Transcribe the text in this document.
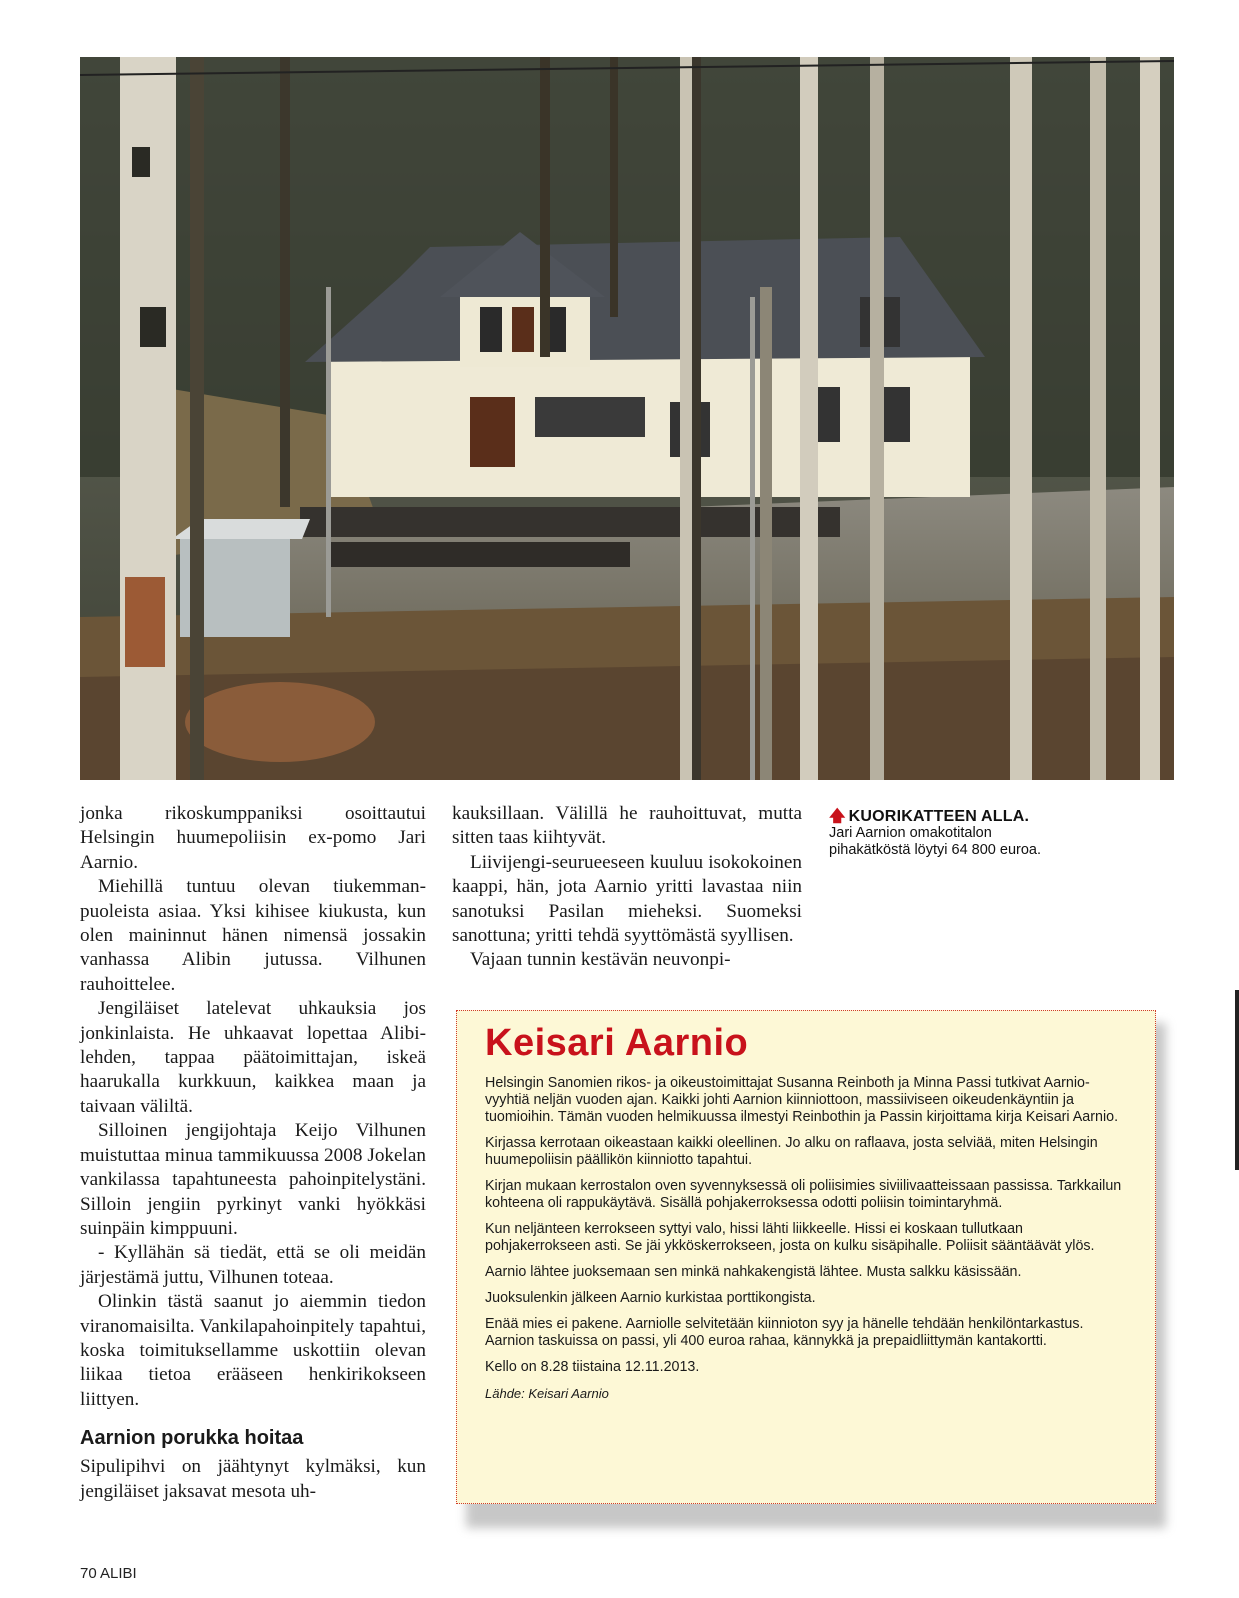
jonka rikoskumppaniksi osoittautui Helsingin huumepoliisin ex-pomo Jari Aarnio.

Miehillä tuntuu olevan tiukemmanpuoleista asiaa. Yksi kihisee kiukusta, kun olen maininnut hänen nimensä jossakin vanhassa Alibin jutussa. Vilhunen rauhoittelee.

Jengiläiset latelevat uhkauksia jos jonkinlaista. He uhkaavat lopettaa Alibi-lehden, tappaa päätoimittajan, iskeä haarukalla kurkkuun, kaikkea maan ja taivaan väliltä.

Silloinen jengijohtaja Keijo Vilhunen muistuttaa minua tammikuussa 2008 Jokelan vankilassa tapahtuneesta pahoinpitelystäni. Silloin jengiin pyrkinyt vanki hyökkäsi suinpäin kimppuuni.

- Kyllähän sä tiedät, että se oli meidän järjestämä juttu, Vilhunen toteaa.

Olinkin tästä saanut jo aiemmin tiedon viranomaisilta. Vankilapahoinpitely tapahtui, koska toimituksellamme uskottiin olevan liikaa tietoa erääseen henkirikokseen liittyen.

Aarnion porukka hoitaa

Sipulipihvi on jäähtynyt kylmäksi, kun jengiläiset jaksavat mesota uh-

kauksillaan. Välillä he rauhoittuvat, mutta sitten taas kiihtyvät.

Liivijengi-seurueeseen kuuluu isokokoinen kaappi, hän, jota Aarnio yritti lavastaa niin sanotuksi Pasilan mieheksi. Suomeksi sanottuna; yritti tehdä syyttömästä syyllisen.

Vajaan tunnin kestävän neuvonpi-

🡅 KUORIKATTEEN ALLA.
Jari Aarnion omakotitalon pihakätköstä löytyi 64 800 euroa.
Keisari Aarnio

Helsingin Sanomien rikos- ja oikeustoimittajat Susanna Reinboth ja Minna Passi tutkivat Aarnio-vyyhtiä neljän vuoden ajan. Kaikki johti Aarnion kiinniottoon, massiiviseen oikeudenkäyntiin ja tuomioihin. Tämän vuoden helmikuussa ilmestyi Reinbothin ja Passin kirjoittama kirja Keisari Aarnio.

Kirjassa kerrotaan oikeastaan kaikki oleellinen. Jo alku on raflaava, josta selviää, miten Helsingin huumepoliisin päällikön kiinniotto tapahtui.

Kirjan mukaan kerrostalon oven syvennyksessä oli poliisimies siviilivaatteissaan passissa. Tarkkailun kohteena oli rappukäytävä. Sisällä pohjakerroksessa odotti poliisin toimintaryhmä.

Kun neljänteen kerrokseen syttyi valo, hissi lähti liikkeelle. Hissi ei koskaan tullutkaan pohjakerrokseen asti. Se jäi ykköskerrokseen, josta on kulku sisäpihalle. Poliisit sääntäävät ylös.

Aarnio lähtee juoksemaan sen minkä nahkakengistä lähtee. Musta salkku käsissään.

Juoksulenkin jälkeen Aarnio kurkistaa porttikongista.

Enää mies ei pakene. Aarniolle selvitetään kiinnioton syy ja hänelle tehdään henkilöntarkastus. Aarnion taskuissa on passi, yli 400 euroa rahaa, kännykkä ja prepaidliittymän kantakortti.

Kello on 8.28 tiistaina 12.11.2013.

Lähde: Keisari Aarnio

70 ALIBI
